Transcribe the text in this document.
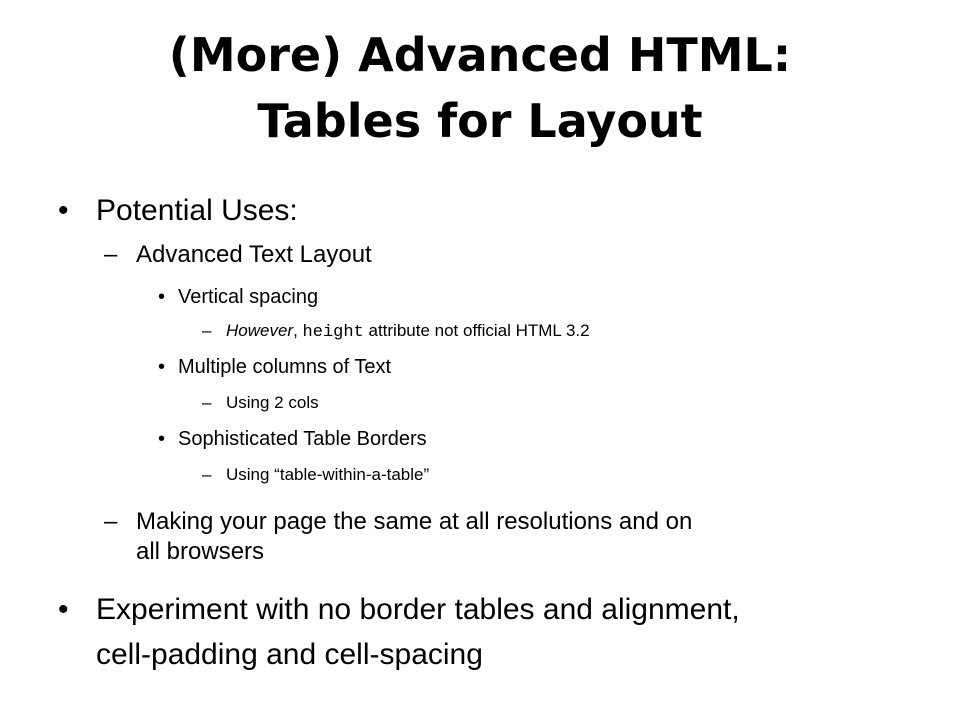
(More) Advanced HTML:
Tables for Layout
• Potential Uses:
– Advanced Text Layout
• Vertical spacing
– However, height attribute not official HTML 3.2
• Multiple columns of Text
– Using 2 cols
• Sophisticated Table Borders
– Using “table-within-a-table”
– Making your page the same at all resolutions and on
all browsers
• Experiment with no border tables and alignment,
cell-padding and cell-spacing
